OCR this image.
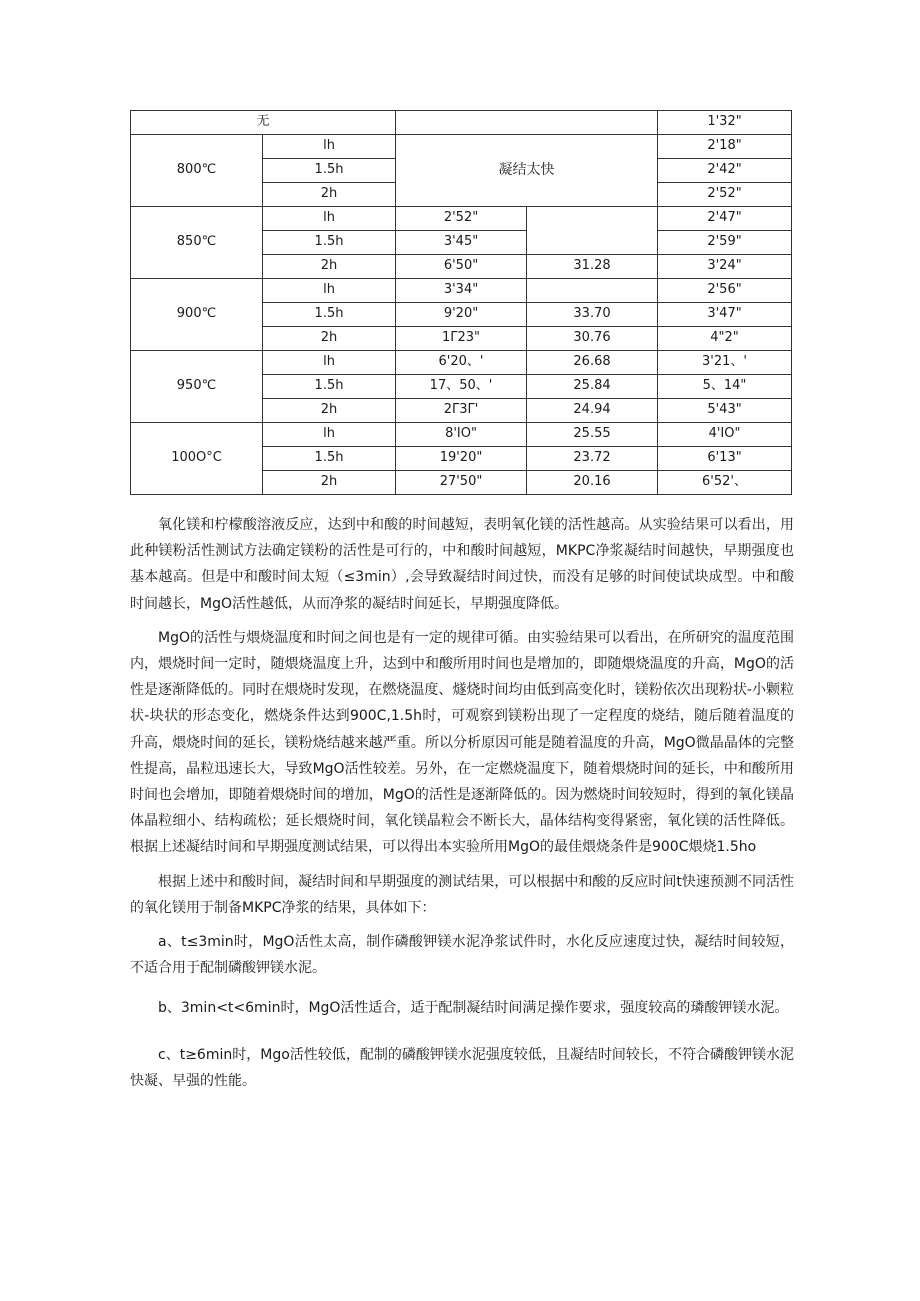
无				1'32"
800℃	lh	凝结太快		2'18"
	1.5h			2'42"
	2h			2'52"
850℃	lh	2'52"		2'47"
	1.5h	3'45"		2'59"
	2h	6'50"	31.28	3'24"
900℃	lh	3'34"		2'56"
	1.5h	9'20"	33.70	3'47"
	2h	1Γ23"	30.76	4"2"
950℃	lh	6'20、'	26.68	3'21、'
	1.5h	17、50、'	25.84	5、14"
	2h	2Γ3Γ'	24.94	5'43"
100O°C	lh	8'IO"	25.55	4'IO"
	1.5h	19'20"	23.72	6'13"
	2h	27'50"	20.16	6'52'、

氧化镁和柠檬酸溶液反应，达到中和酸的时间越短，表明氧化镁的活性越高。从实验结果可以看出，用此种镁粉活性测试方法确定镁粉的活性是可行的，中和酸时间越短，MKPC净浆凝结时间越快，早期强度也基本越高。但是中和酸时间太短（≤3min）,会导致凝结时间过快，而没有足够的时间使试块成型。中和酸时间越长，MgO活性越低，从而净浆的凝结时间延长，早期强度降低。

MgO的活性与煨烧温度和时间之间也是有一定的规律可循。由实验结果可以看出，在所研究的温度范围内，煨烧时间一定时，随煨烧温度上升，达到中和酸所用时间也是增加的，即随煨烧温度的升高，MgO的活性是逐渐降低的。同时在煨烧时发现，在燃烧温度、燧烧时间均由低到高变化时，镁粉依次出现粉状-小颗粒状-块状的形态变化，燃烧条件达到900C,1.5h时，可观察到镁粉出现了一定程度的烧结，随后随着温度的升高，煨烧时间的延长，镁粉烧结越来越严重。所以分析原因可能是随着温度的升高，MgO微晶晶体的完整性提高，晶粒迅速长大，导致MgO活性较差。另外，在一定燃烧温度下，随着煨烧时间的延长，中和酸所用时间也会增加，即随着煨烧时间的增加，MgO的活性是逐渐降低的。因为燃烧时间较短时，得到的氧化镁晶体晶粒细小、结构疏松；延长煨烧时间，氧化镁晶粒会不断长大，晶体结构变得紧密，氧化镁的活性降低。根据上述凝结时间和早期强度测试结果，可以得出本实验所用MgO的最佳煨烧条件是900C煨烧1.5ho

根据上述中和酸时间，凝结时间和早期强度的测试结果，可以根据中和酸的反应时间t快速预测不同活性的氧化镁用于制备MKPC净浆的结果，具体如下：

a、t≤3min时，MgO活性太高，制作磷酸钾镁水泥净浆试件时，水化反应速度过快，凝结时间较短，不适合用于配制磷酸钾镁水泥。

b、3min<t<6min时，MgO活性适合，适于配制凝结时间满足操作要求，强度较高的璘酸钾镁水泥。

c、t≥6min时，Mgo活性较低，配制的磷酸钾镁水泥强度较低，且凝结时间较长，不符合磷酸钾镁水泥快凝、早强的性能。
